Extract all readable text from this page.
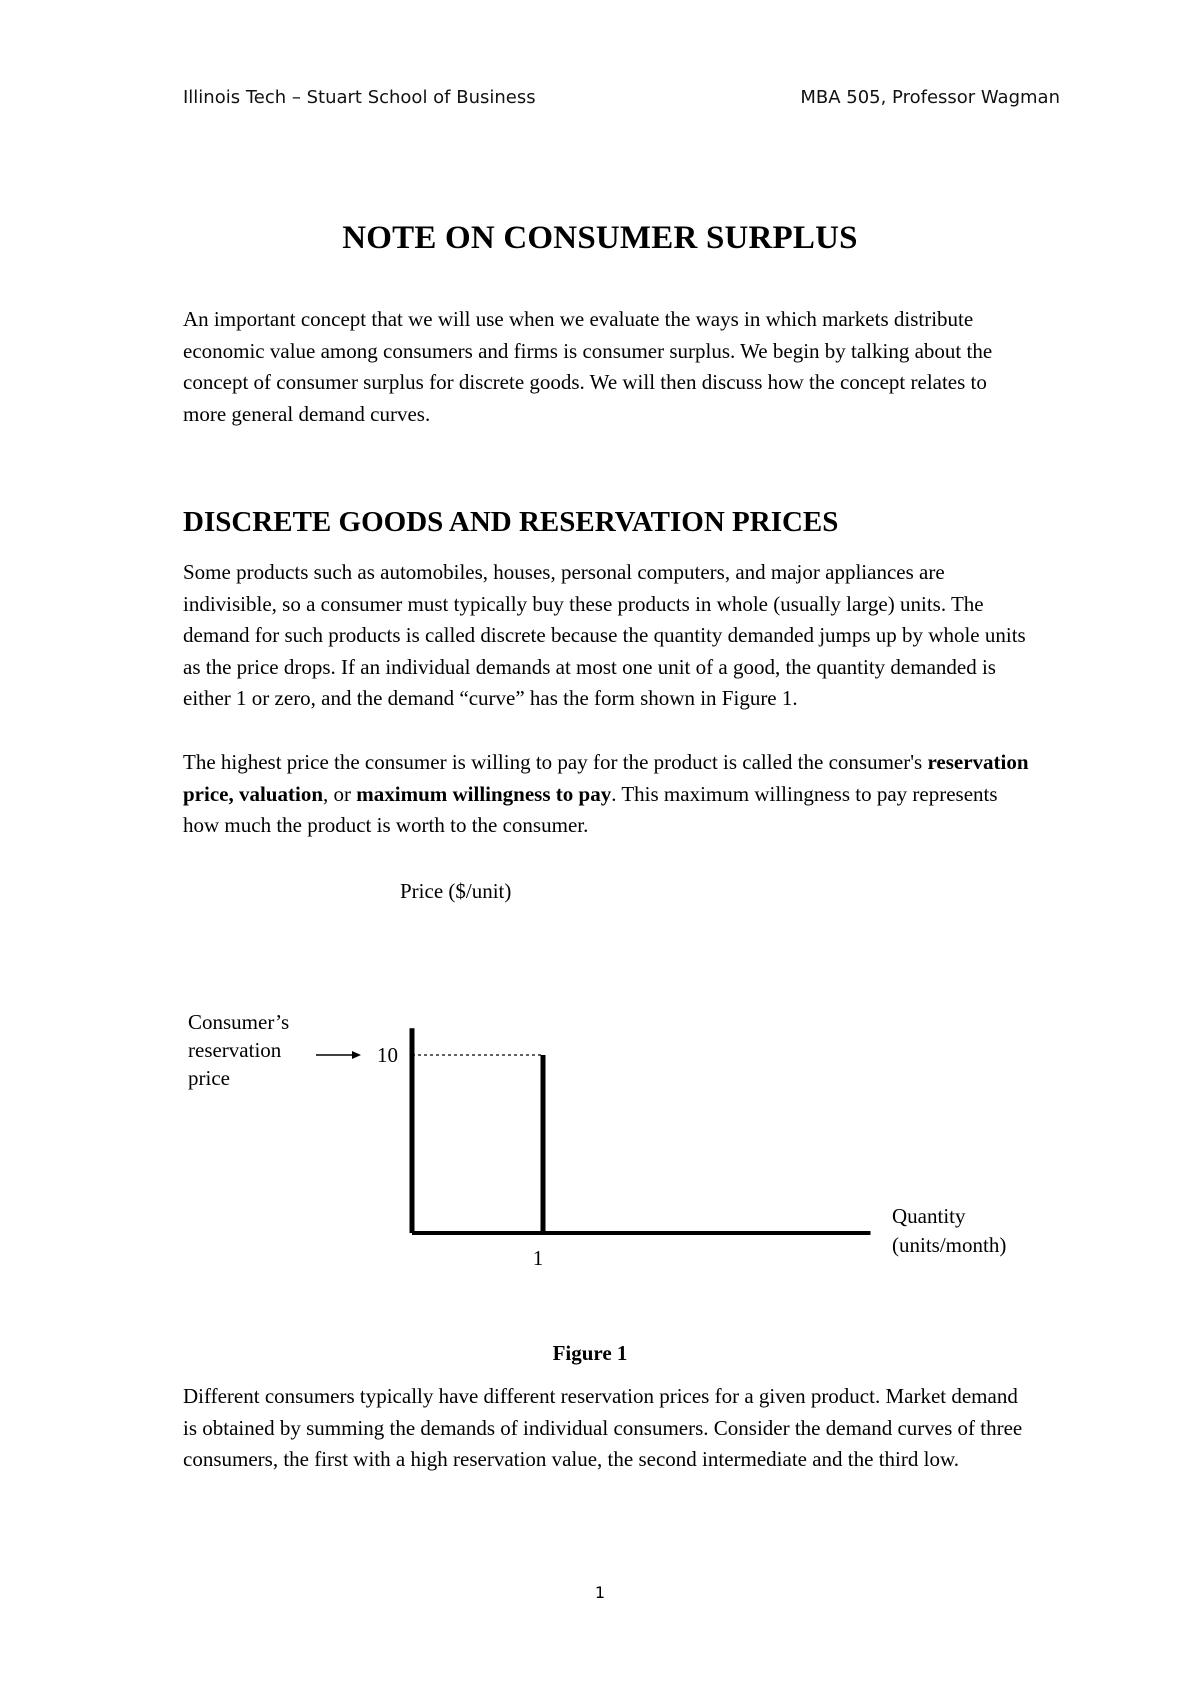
Illinois Tech – Stuart School of Business	MBA 505, Professor Wagman
NOTE ON CONSUMER SURPLUS

An important concept that we will use when we evaluate the ways in which markets distribute economic value among consumers and firms is consumer surplus. We begin by talking about the concept of consumer surplus for discrete goods. We will then discuss how the concept relates to more general demand curves.

DISCRETE GOODS AND RESERVATION PRICES

Some products such as automobiles, houses, personal computers, and major appliances are indivisible, so a consumer must typically buy these products in whole (usually large) units. The demand for such products is called discrete because the quantity demanded jumps up by whole units as the price drops. If an individual demands at most one unit of a good, the quantity demanded is either 1 or zero, and the demand “curve” has the form shown in Figure 1.

The highest price the consumer is willing to pay for the product is called the consumer's reservation price, valuation, or maximum willingness to pay. This maximum willingness to pay represents how much the product is worth to the consumer.

Price ($/unit)
Quantity
(units/month)
Consumer’s
reservation
price
10
1
Figure 1

Different consumers typically have different reservation prices for a given product. Market demand is obtained by summing the demands of individual consumers. Consider the demand curves of three consumers, the first with a high reservation value, the second intermediate and the third low.

1
